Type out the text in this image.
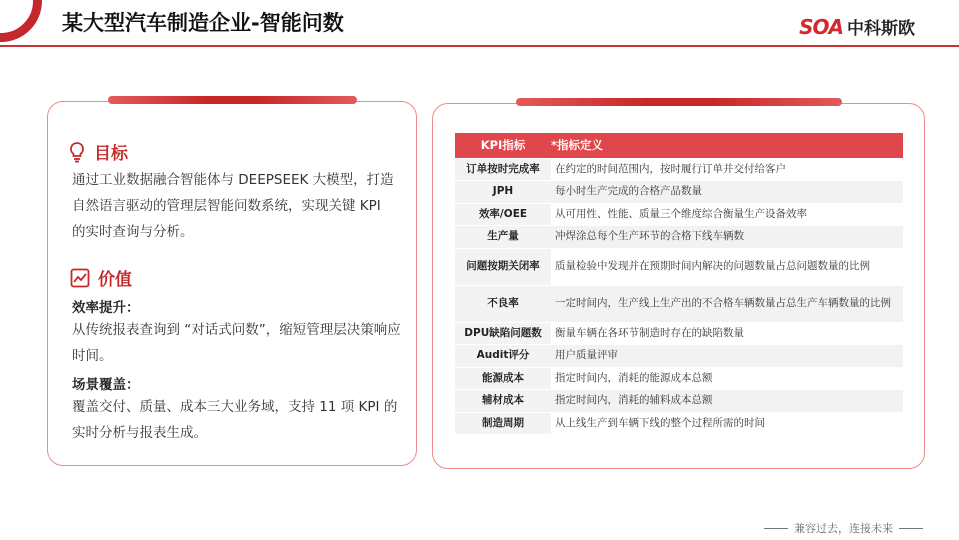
某大型汽车制造企业-智能问数	SOA 中科斯欧
目标
通过工业数据融合智能体与 DEEPSEEK 大模型，打造自然语言驱动的管理层智能问数系统，实现关键 KPI 的实时查询与分析。
价值
效率提升：
从传统报表查询到 “对话式问数”，缩短管理层决策响应时间。
场景覆盖：
覆盖交付、质量、成本三大业务域，支持 11 项 KPI 的实时分析与报表生成。
KPI指标	*指标定义
订单按时完成率	在约定的时间范围内，按时履行订单并交付给客户
JPH	每小时生产完成的合格产品数量
效率/OEE	从可用性、性能、质量三个维度综合衡量生产设备效率
生产量	冲焊涂总每个生产环节的合格下线车辆数
问题按期关闭率	质量检验中发现并在预期时间内解决的问题数量占总问题数量的比例
不良率	一定时间内，生产线上生产出的不合格车辆数量占总生产车辆数量的比例
DPU缺陷问题数	衡量车辆在各环节制造时存在的缺陷数量
Audit评分	用户质量评审
能源成本	指定时间内，消耗的能源成本总额
辅材成本	指定时间内，消耗的辅料成本总额
制造周期	从上线生产到车辆下线的整个过程所需的时间
兼容过去，连接未来
